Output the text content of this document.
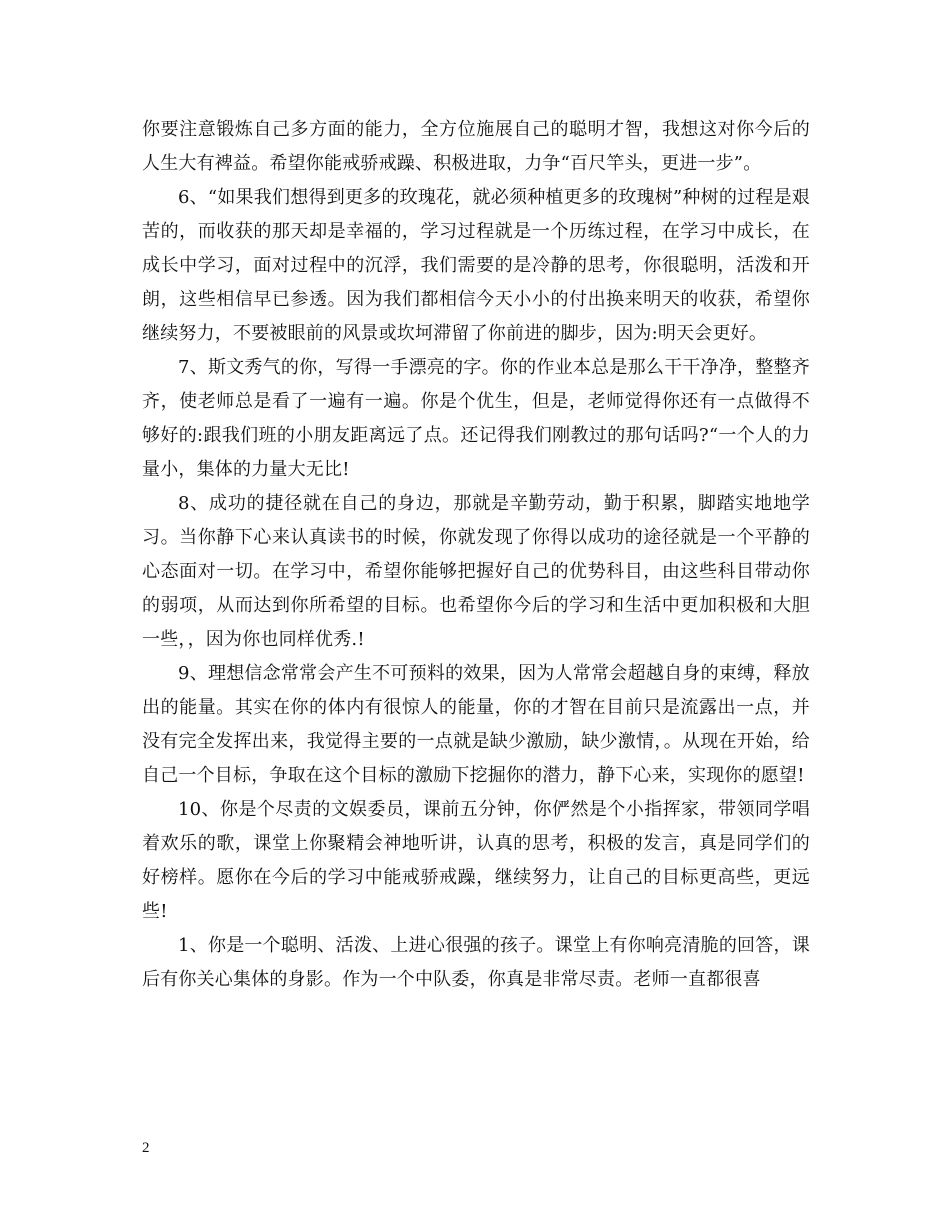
你要注意锻炼自己多方面的能力，全方位施展自己的聪明才智，我想这对你今后的人生大有裨益。希望你能戒骄戒躁、积极进取，力争“百尺竿头，更进一步”。

6、“如果我们想得到更多的玫瑰花，就必须种植更多的玫瑰树”种树的过程是艰苦的，而收获的那天却是幸福的，学习过程就是一个历练过程，在学习中成长，在成长中学习，面对过程中的沉浮，我们需要的是冷静的思考，你很聪明，活泼和开朗，这些相信早已参透。因为我们都相信今天小小的付出换来明天的收获，希望你继续努力，不要被眼前的风景或坎坷滞留了你前进的脚步，因为:明天会更好。

7、斯文秀气的你，写得一手漂亮的字。你的作业本总是那么干干净净，整整齐齐，使老师总是看了一遍有一遍。你是个优生，但是，老师觉得你还有一点做得不够好的:跟我们班的小朋友距离远了点。还记得我们刚教过的那句话吗?“一个人的力量小，集体的力量大无比!

8、成功的捷径就在自己的身边，那就是辛勤劳动，勤于积累，脚踏实地地学习。当你静下心来认真读书的时候，你就发现了你得以成功的途径就是一个平静的心态面对一切。在学习中，希望你能够把握好自己的优势科目，由这些科目带动你的弱项，从而达到你所希望的目标。也希望你今后的学习和生活中更加积极和大胆一些，，因为你也同样优秀.!

9、理想信念常常会产生不可预料的效果，因为人常常会超越自身的束缚，释放出的能量。其实在你的体内有很惊人的能量，你的才智在目前只是流露出一点，并没有完全发挥出来，我觉得主要的一点就是缺少激励，缺少激情，。从现在开始，给自己一个目标，争取在这个目标的激励下挖掘你的潜力，静下心来，实现你的愿望!

10、你是个尽责的文娱委员，课前五分钟，你俨然是个小指挥家，带领同学唱着欢乐的歌，课堂上你聚精会神地听讲，认真的思考，积极的发言，真是同学们的好榜样。愿你在今后的学习中能戒骄戒躁，继续努力，让自己的目标更高些，更远些!

1、你是一个聪明、活泼、上进心很强的孩子。课堂上有你响亮清脆的回答，课后有你关心集体的身影。作为一个中队委，你真是非常尽责。老师一直都很喜

2
